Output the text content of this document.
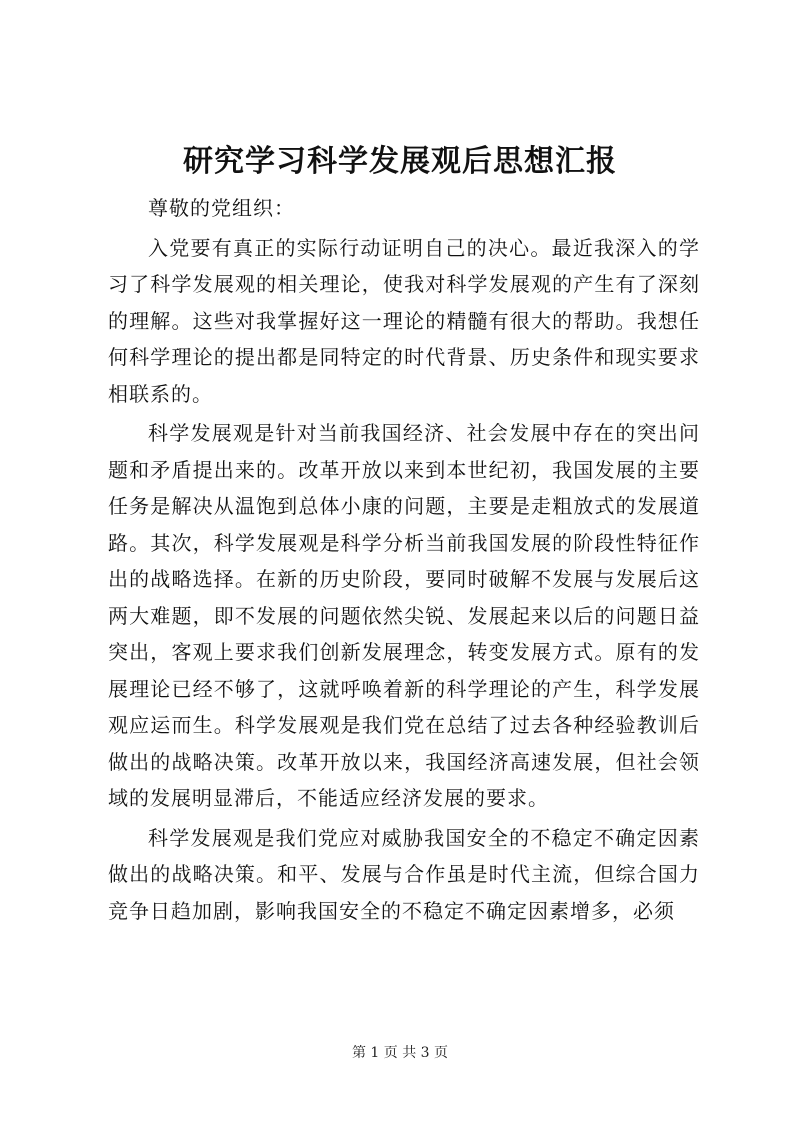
研究学习科学发展观后思想汇报

尊敬的党组织：

入党要有真正的实际行动证明自己的决心。最近我深入的学习了科学发展观的相关理论，使我对科学发展观的产生有了深刻的理解。这些对我掌握好这一理论的精髓有很大的帮助。我想任何科学理论的提出都是同特定的时代背景、历史条件和现实要求相联系的。

科学发展观是针对当前我国经济、社会发展中存在的突出问题和矛盾提出来的。改革开放以来到本世纪初，我国发展的主要任务是解决从温饱到总体小康的问题，主要是走粗放式的发展道路。其次，科学发展观是科学分析当前我国发展的阶段性特征作出的战略选择。在新的历史阶段，要同时破解不发展与发展后这两大难题，即不发展的问题依然尖锐、发展起来以后的问题日益突出，客观上要求我们创新发展理念，转变发展方式。原有的发展理论已经不够了，这就呼唤着新的科学理论的产生，科学发展观应运而生。科学发展观是我们党在总结了过去各种经验教训后做出的战略决策。改革开放以来，我国经济高速发展，但社会领域的发展明显滞后，不能适应经济发展的要求。

科学发展观是我们党应对威胁我国安全的不稳定不确定因素做出的战略决策。和平、发展与合作虽是时代主流，但综合国力竞争日趋加剧，影响我国安全的不稳定不确定因素增多，必须

第 1 页 共 3 页
